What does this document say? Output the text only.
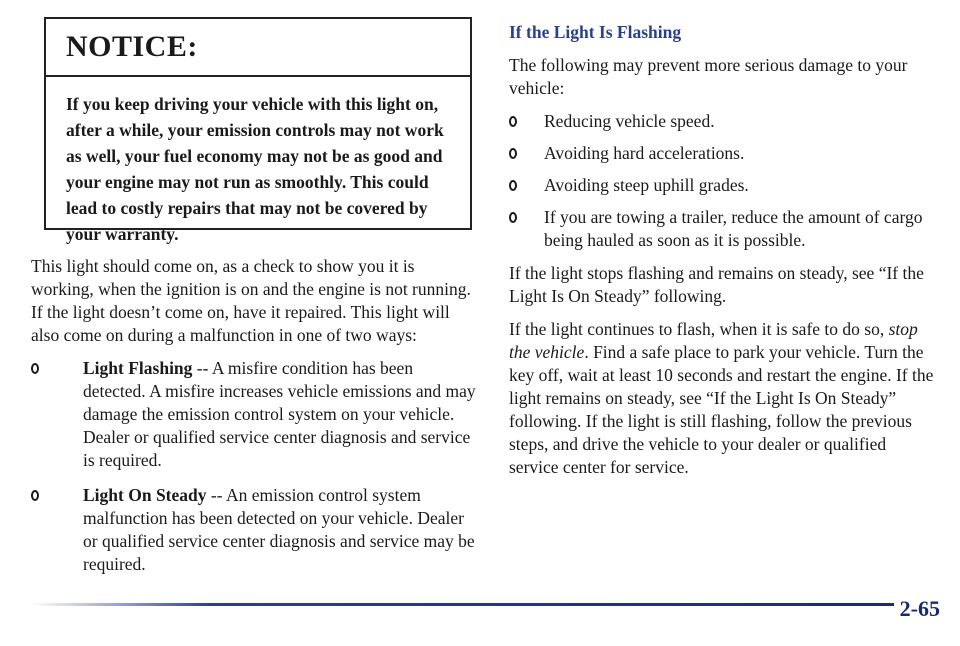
NOTICE:
If you keep driving your vehicle with this light on, after a while, your emission controls may not work as well, your fuel economy may not be as good and your engine may not run as smoothly. This could lead to costly repairs that may not be covered by your warranty.

This light should come on, as a check to show you it is working, when the ignition is on and the engine is not running. If the light doesn’t come on, have it repaired. This light will also come on during a malfunction in one of two ways:

Light Flashing -- A misfire condition has been detected. A misfire increases vehicle emissions and may damage the emission control system on your vehicle. Dealer or qualified service center diagnosis and service is required.
Light On Steady -- An emission control system malfunction has been detected on your vehicle. Dealer or qualified service center diagnosis and service may be required.
If the Light Is Flashing

The following may prevent more serious damage to your vehicle:

Reducing vehicle speed.
Avoiding hard accelerations.
Avoiding steep uphill grades.
If you are towing a trailer, reduce the amount of cargo being hauled as soon as it is possible.

If the light stops flashing and remains on steady, see “If the Light Is On Steady” following.

If the light continues to flash, when it is safe to do so, stop the vehicle. Find a safe place to park your vehicle. Turn the key off, wait at least 10 seconds and restart the engine. If the light remains on steady, see “If the Light Is On Steady” following. If the light is still flashing, follow the previous steps, and drive the vehicle to your dealer or qualified service center for service.

2-65
